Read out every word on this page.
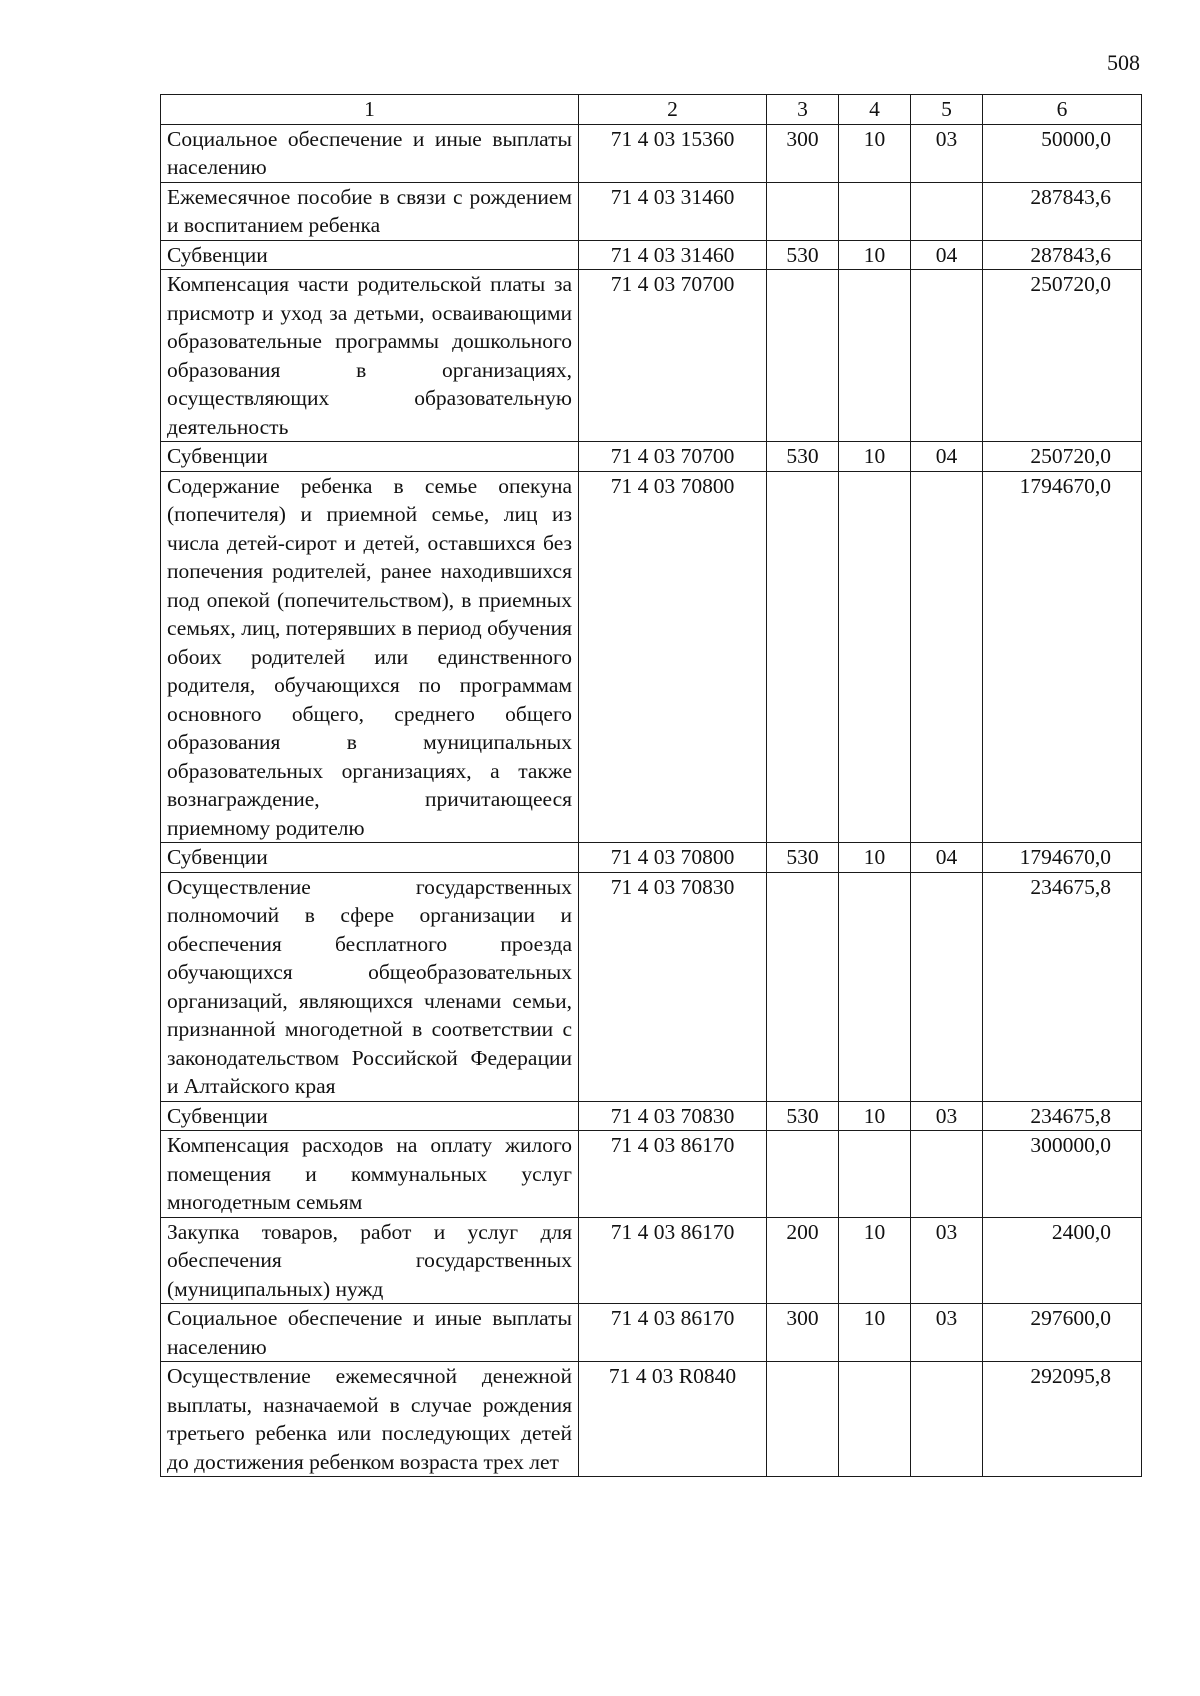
508
1	2	3	4	5	6
Социальное обеспечение и иные выплаты населению	71 4 03 15360	300	10	03	50000,0
Ежемесячное пособие в связи с рождением и воспитанием ребенка	71 4 03 31460				287843,6
Субвенции	71 4 03 31460	530	10	04	287843,6
Компенсация части родительской платы за присмотр и уход за детьми, осваивающими образовательные программы дошкольного образования в организациях, осуществляющих образовательную деятельность	71 4 03 70700				250720,0
Субвенции	71 4 03 70700	530	10	04	250720,0
Содержание ребенка в семье опекуна (попечителя) и приемной семье, лиц из числа детей-сирот и детей, оставшихся без попечения родителей, ранее находившихся под опекой (попечительством), в приемных семьях, лиц, потерявших в период обучения обоих родителей или единственного родителя, обучающихся по программам основного общего, среднего общего образования в муниципальных образовательных организациях, а также вознаграждение, причитающееся приемному родителю	71 4 03 70800				1794670,0
Субвенции	71 4 03 70800	530	10	04	1794670,0
Осуществление государственных полномочий в сфере организации и обеспечения бесплатного проезда обучающихся общеобразовательных организаций, являющихся членами семьи, признанной многодетной в соответствии с законодательством Российской Федерации и Алтайского края	71 4 03 70830				234675,8
Субвенции	71 4 03 70830	530	10	03	234675,8
Компенсация расходов на оплату жилого помещения и коммунальных услуг многодетным семьям	71 4 03 86170				300000,0
Закупка товаров, работ и услуг для обеспечения государственных (муниципальных) нужд	71 4 03 86170	200	10	03	2400,0
Социальное обеспечение и иные выплаты населению	71 4 03 86170	300	10	03	297600,0
Осуществление ежемесячной денежной выплаты, назначаемой в случае рождения третьего ребенка или последующих детей до достижения ребенком возраста трех лет	71 4 03 R0840				292095,8
